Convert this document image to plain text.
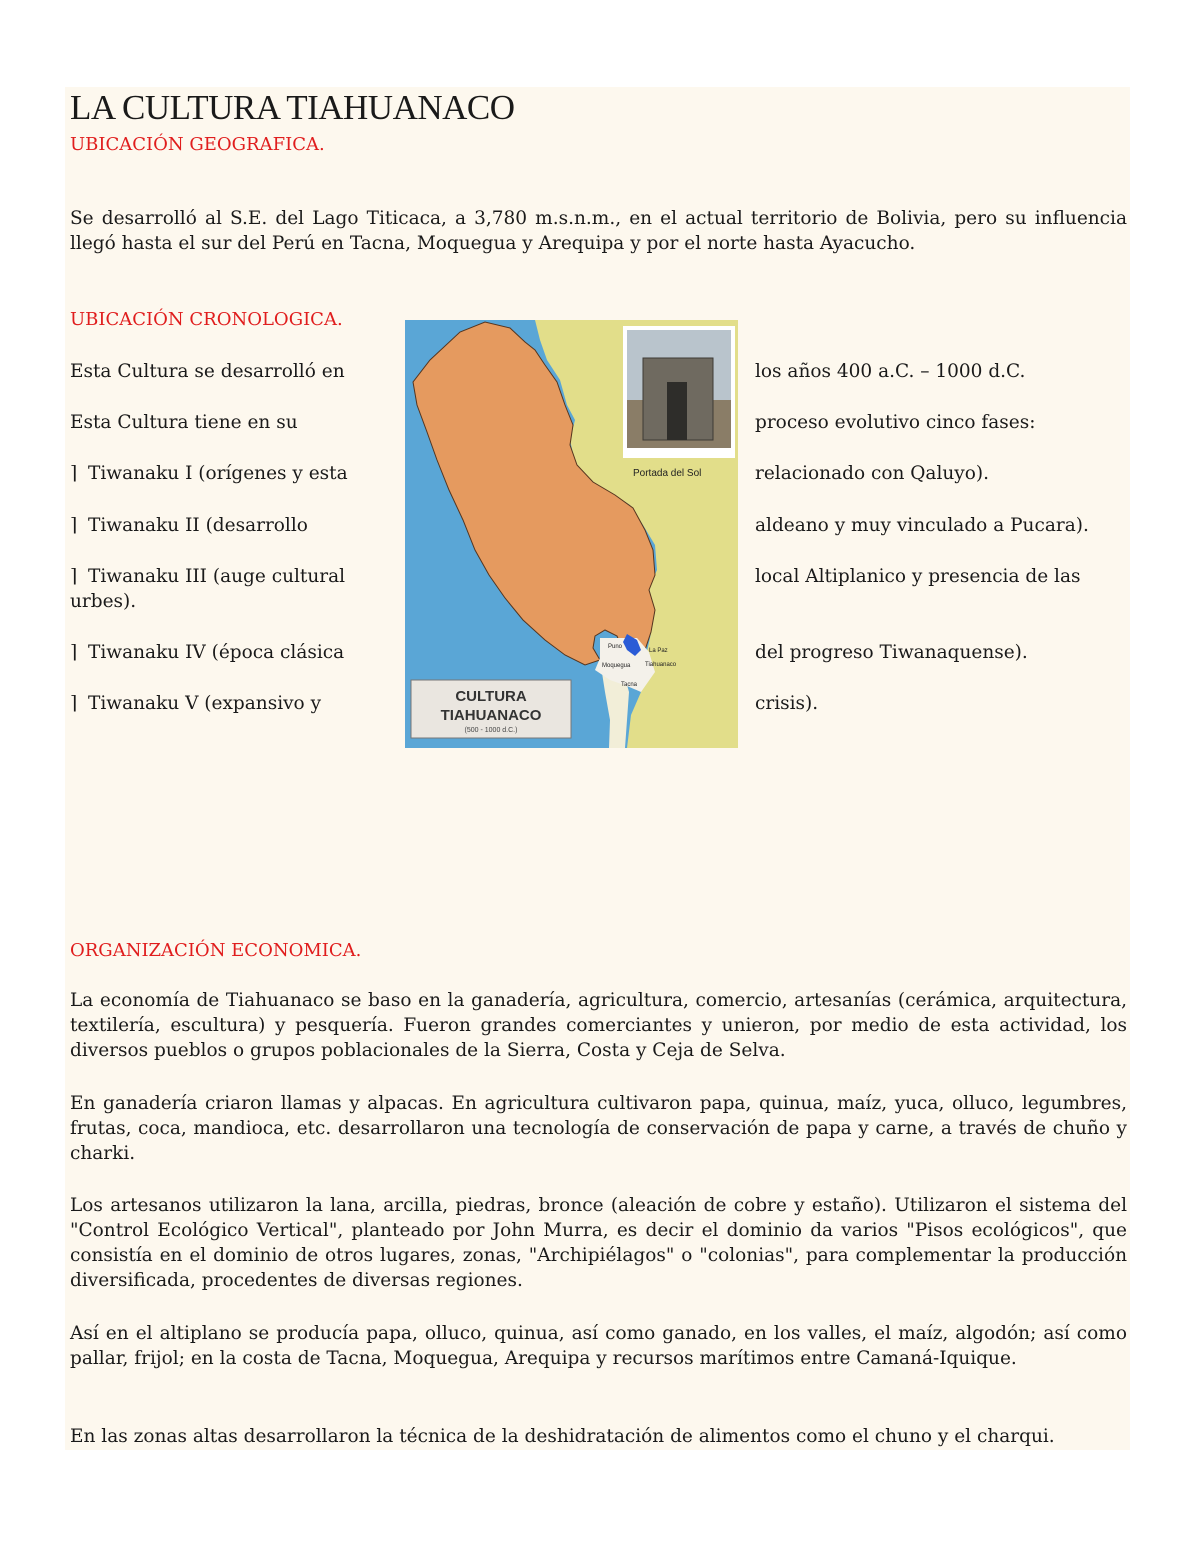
LA CULTURA TIAHUANACO
UBICACIÓN GEOGRAFICA.
Se desarrolló al S.E. del Lago Titicaca, a 3,780 m.s.n.m., en el actual territorio de Bolivia, pero su influencia llegó hasta el sur del Perú en Tacna, Moquegua y Arequipa y por el norte hasta Ayacucho.
UBICACIÓN CRONOLOGICA.
Esta Cultura se desarrolló en	los años 400 a.C. – 1000 d.C.
Esta Cultura tiene en su	proceso evolutivo cinco fases:
⌉ Tiwanaku I (orígenes y esta	relacionado con Qaluyo).
⌉ Tiwanaku II (desarrollo	aldeano y muy vinculado a Pucara).
⌉ Tiwanaku III (auge cultural	local Altiplanico y presencia de las
urbes).
⌉ Tiwanaku IV (época clásica	del progreso Tiwanaquense).
⌉ Tiwanaku V (expansivo y	crisis).
Portada del Sol
Puno
La Paz
Moquegua Tiahuanaco
Tacna
CULTURA
TIAHUANACO
(500 - 1000 d.C.)
ORGANIZACIÓN ECONOMICA.
La economía de Tiahuanaco se baso en la ganadería, agricultura, comercio, artesanías (cerámica, arquitectura, textilería, escultura) y pesquería. Fueron grandes comerciantes y unieron, por medio de esta actividad, los diversos pueblos o grupos poblacionales de la Sierra, Costa y Ceja de Selva.
En ganadería criaron llamas y alpacas. En agricultura cultivaron papa, quinua, maíz, yuca, olluco, legumbres, frutas, coca, mandioca, etc. desarrollaron una tecnología de conservación de papa y carne, a través de chuño y charki.
Los artesanos utilizaron la lana, arcilla, piedras, bronce (aleación de cobre y estaño). Utilizaron el sistema del "Control Ecológico Vertical", planteado por John Murra, es decir el dominio da varios "Pisos ecológicos", que consistía en el dominio de otros lugares, zonas, "Archipiélagos" o "colonias", para complementar la producción diversificada, procedentes de diversas regiones.
Así en el altiplano se producía papa, olluco, quinua, así como ganado, en los valles, el maíz, algodón; así como pallar, frijol; en la costa de Tacna, Moquegua, Arequipa y recursos marítimos entre Camaná-Iquique.
En las zonas altas desarrollaron la técnica de la deshidratación de alimentos como el chuno y el charqui.
